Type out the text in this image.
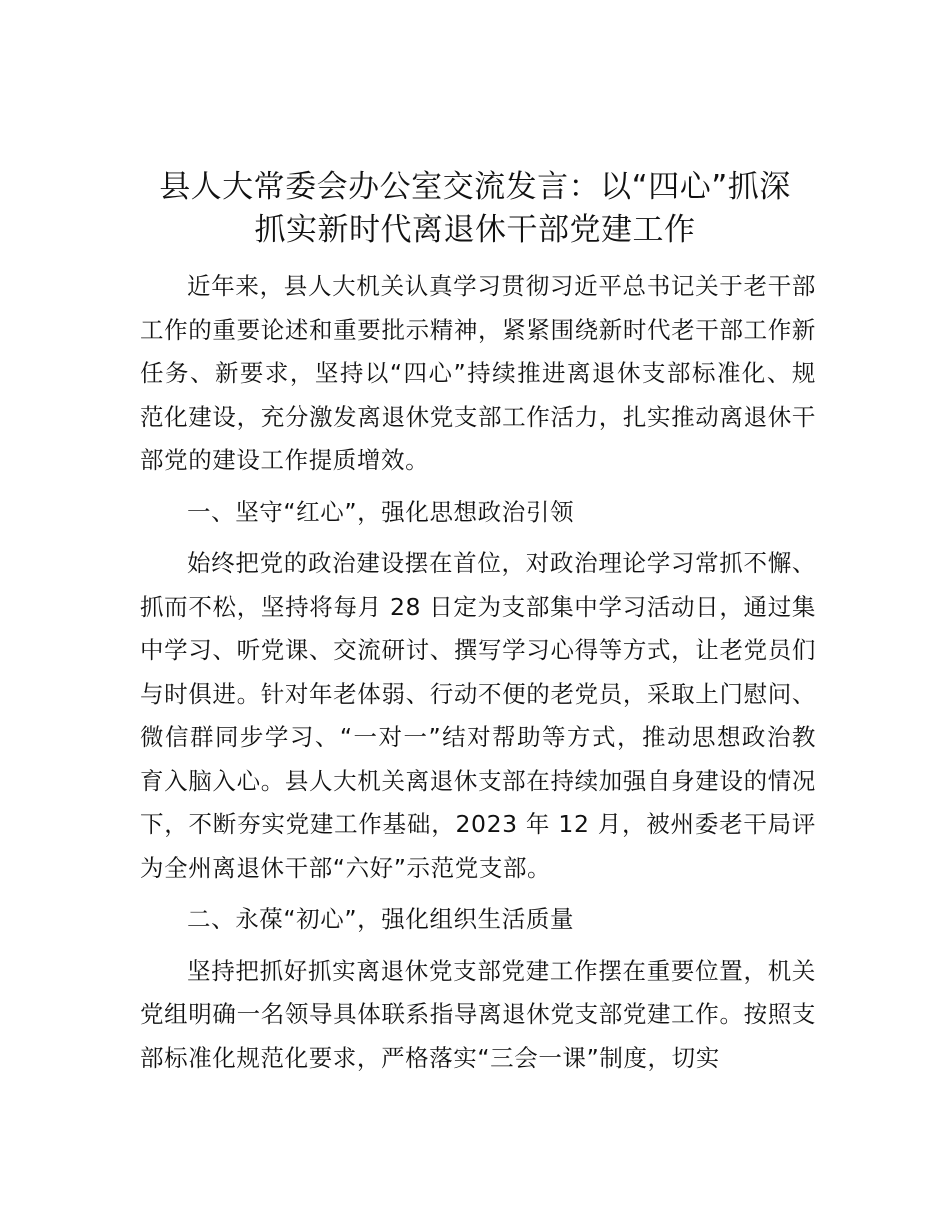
县人大常委会办公室交流发言：以“四心”抓深
抓实新时代离退休干部党建工作

近年来，县人大机关认真学习贯彻习近平总书记关于老干部工作的重要论述和重要批示精神，紧紧围绕新时代老干部工作新任务、新要求，坚持以“四心”持续推进离退休支部标准化、规范化建设，充分激发离退休党支部工作活力，扎实推动离退休干部党的建设工作提质增效。

一、坚守“红心”，强化思想政治引领

始终把党的政治建设摆在首位，对政治理论学习常抓不懈、抓而不松，坚持将每月 28 日定为支部集中学习活动日，通过集中学习、听党课、交流研讨、撰写学习心得等方式，让老党员们与时俱进。针对年老体弱、行动不便的老党员，采取上门慰问、微信群同步学习、“一对一”结对帮助等方式，推动思想政治教育入脑入心。县人大机关离退休支部在持续加强自身建设的情况下，不断夯实党建工作基础，2023 年 12 月，被州委老干局评为全州离退休干部“六好”示范党支部。

二、永葆“初心”，强化组织生活质量

坚持把抓好抓实离退休党支部党建工作摆在重要位置，机关党组明确一名领导具体联系指导离退休党支部党建工作。按照支部标准化规范化要求，严格落实“三会一课”制度，切实
